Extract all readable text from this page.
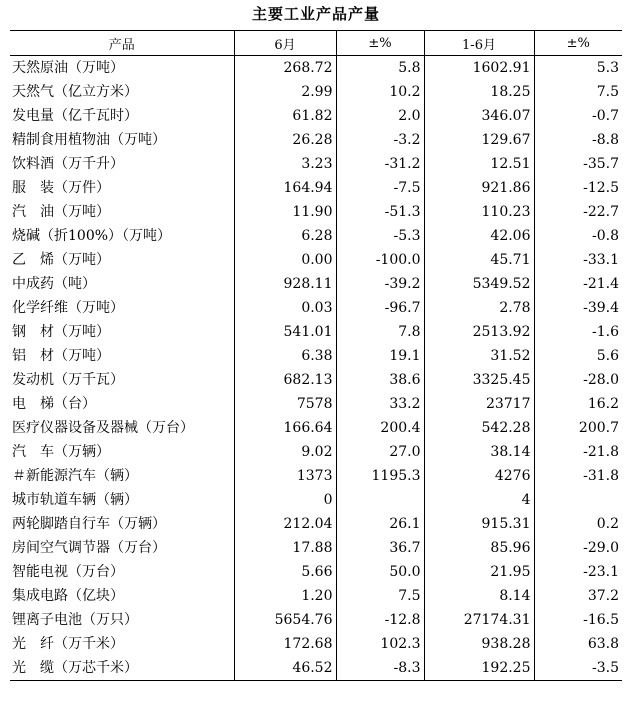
主要工业产品产量
产品	6月	±%	1-6月	±%
天然原油（万吨）	268.72	5.8	1602.91	5.3
天然气（亿立方米）	2.99	10.2	18.25	7.5
发电量（亿千瓦时）	61.82	2.0	346.07	-0.7
精制食用植物油（万吨）	26.28	-3.2	129.67	-8.8
饮料酒（万千升）	3.23	-31.2	12.51	-35.7
服　装（万件）	164.94	-7.5	921.86	-12.5
汽　油（万吨）	11.90	-51.3	110.23	-22.7
烧碱（折100%）（万吨）	6.28	-5.3	42.06	-0.8
乙　烯（万吨）	0.00	-100.0	45.71	-33.1
中成药（吨）	928.11	-39.2	5349.52	-21.4
化学纤维（万吨）	0.03	-96.7	2.78	-39.4
钢　材（万吨）	541.01	7.8	2513.92	-1.6
铝　材（万吨）	6.38	19.1	31.52	5.6
发动机（万千瓦）	682.13	38.6	3325.45	-28.0
电　梯（台）	7578	33.2	23717	16.2
医疗仪器设备及器械（万台）	166.64	200.4	542.28	200.7
汽　车（万辆）	9.02	27.0	38.14	-21.8
＃新能源汽车（辆）	1373	1195.3	4276	-31.8
城市轨道车辆（辆）	0		4	
两轮脚踏自行车（万辆）	212.04	26.1	915.31	0.2
房间空气调节器（万台）	17.88	36.7	85.96	-29.0
智能电视（万台）	5.66	50.0	21.95	-23.1
集成电路（亿块）	1.20	7.5	8.14	37.2
锂离子电池（万只）	5654.76	-12.8	27174.31	-16.5
光　纤（万千米）	172.68	102.3	938.28	63.8
光　缆（万芯千米）	46.52	-8.3	192.25	-3.5
